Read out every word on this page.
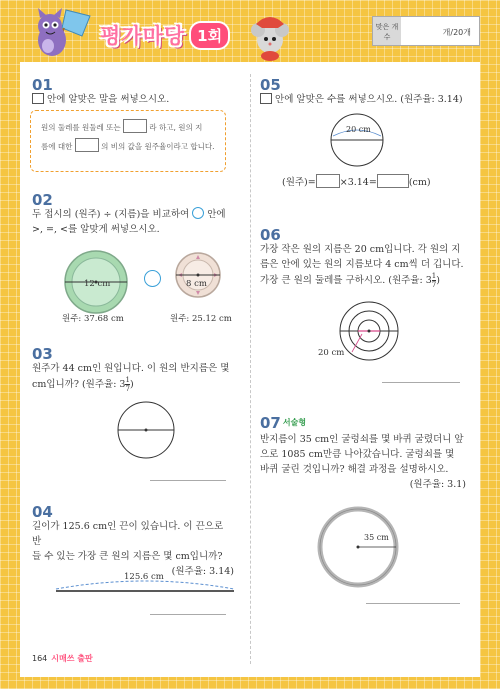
평가마당 1회	맞은 개수	개/20개
01
안에 알맞은 말을 써넣으시오.
원의 둘레를 원둘레 또는	라 하고, 원의 지
름에 대한	의 비의 값을 원주율이라고 합니다.
02
두 접시의 (원주) ÷ (지름)을 비교하여 안에
>, =, <를 알맞게 써넣으시오.
12 cm	8 cm
원주: 37.68 cm	원주: 25.12 cm
03
원주가 44 cm인 원입니다. 이 원의 반지름은 몇
cm입니까? (원주율: $3 \frac{1}{7}$ )
04
길이가 125.6 cm인 끈이 있습니다. 이 끈으로 반
들 수 있는 가장 큰 원의 지름은 몇 cm입니까?
(원주율: 3.14)
125.6 cm
05
안에 알맞은 수를 써넣으시오. (원주율: 3.14)
20 cm
(원주)=	×3.14=	(cm)
06
가장 작은 원의 지름은 20 cm입니다. 각 원의 지
름은 안에 있는 원의 지름보다 4 cm씩 더 깁니다.
가장 큰 원의 둘레를 구하시오. (원주율: $3 \frac{1}{7}$ )
20 cm
07 서술형
반지름이 35 cm인 굴렁쇠를 몇 바퀴 굴렸더니 앞
으로 1085 cm만큼 나아갔습니다. 굴렁쇠를 몇
바퀴 굴린 것입니까? 해결 과정을 설명하시오.
(원주율: 3.1)
35 cm
164 시매쓰 출판
